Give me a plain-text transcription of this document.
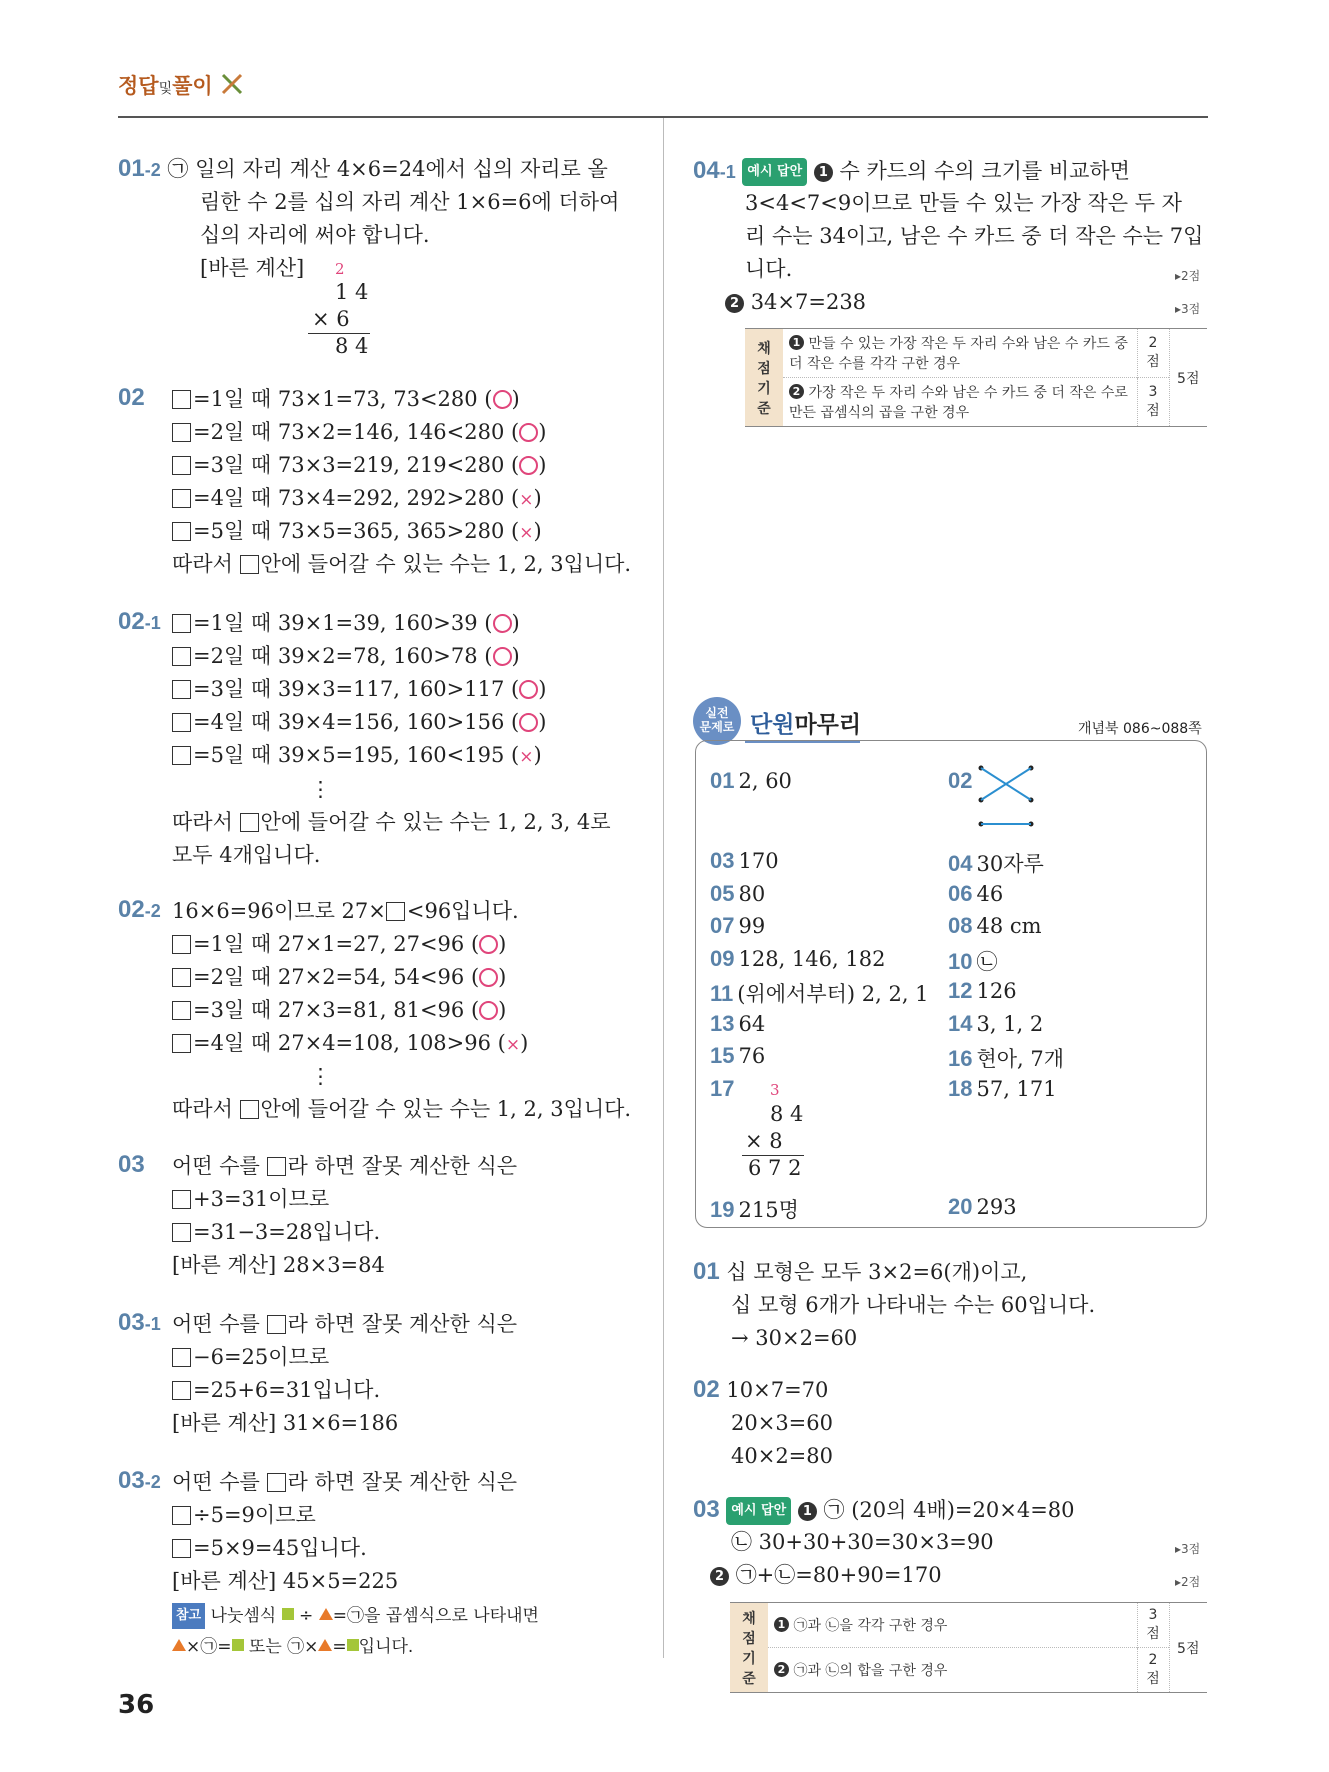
정답및풀이
01-2 ㉠ 일의 자리 계산 4×6=24에서 십의 자리로 올
림한 수 2를 십의 자리 계산 1×6=6에 더하여
십의 자리에 써야 합니다.
[바른 계산] 2
1 4
× 6
8 4
02
02-1
02-2 16×6=96이므로 27× <96입니다.
03 어떤 수를 라 하면 잘못 계산한 식은
+3=31이므로
=31−3=28입니다.
[바른 계산] 28×3=84
03-1 어떤 수를 라 하면 잘못 계산한 식은
−6=25이므로
=25+6=31입니다.
[바른 계산] 31×6=186
03-2 어떤 수를 라 하면 잘못 계산한 식은
÷5=9이므로
=5×9=45입니다.
[바른 계산] 45×5=225
참고 나눗셈식 ÷ =㉠을 곱셈식으로 나타내면
×㉠= 또는 ㉠× = 입니다.
36
04-1 예시 답안 1 수 카드의 수의 크기를 비교하면
3<4<7<9이므로 만들 수 있는 가장 작은 두 자
리 수는 34이고, 남은 수 카드 중 더 작은 수는 7입
니다.	▸2점
2 34×7=238	▸3점
채점 기준	1 만들 수 있는 가장 작은 두 자리 수와 남은 수 카드 중 더 작은 수를 각각 구한 경우	2점	5점
	2 가장 작은 두 자리 수와 남은 수 카드 중 더 작은 수로 만든 곱셈식의 곱을 구한 경우	3점	
실전
문제로 단원마무리	개념북 086~088쪽
3
8 4
× 8
6 7 2
01 십 모형은 모두 3×2=6(개)이고,
십 모형 6개가 나타내는 수는 60입니다.
→ 30×2=60
02 10×7=70
20×3=60
40×2=80
03 예시 답안 1 ㉠ (20의 4배)=20×4=80
㉡ 30+30+30=30×3=90	▸3점
2 ㉠+㉡=80+90=170	▸2점
채점 기준	1 ㉠과 ㉡을 각각 구한 경우	3점	5점
	2 ㉠과 ㉡의 합을 구한 경우	2점	
=1일 때 73×1=73, 73<280 (○)
=2일 때 73×2=146, 146<280 (○)
=3일 때 73×3=219, 219<280 (○)
=4일 때 73×4=292, 292>280 (×)
=5일 때 73×5=365, 365>280 (×)
=1일 때 39×1=39, 160>39 (○)
=2일 때 39×2=78, 160>78 (○)
=3일 때 39×3=117, 160>117 (○)
=4일 때 39×4=156, 160>156 (○)
=5일 때 39×5=195, 160<195 (×)
=1일 때 27×1=27, 27<96 (○)
=2일 때 27×2=54, 54<96 (○)
=3일 때 27×3=81, 81<96 (○)
=4일 때 27×4=108, 108>96 (×)
따라서 안에 들어갈 수 있는 수는 1, 2, 3입니다.
따라서 안에 들어갈 수 있는 수는 1, 2, 3, 4로
따라서 안에 들어갈 수 있는 수는 1, 2, 3입니다.
모두 4개입니다.
⋮
⋮
01 2, 60	02
03 170	04 30자루
05 80	06 46
07 99	08 48 cm
09 128, 146, 182	10 ㉡
11 (위에서부터) 2, 2, 1 12 126
13 64	14 3, 1, 2
15 76	16 현아, 7개
17	18 57, 171
19 215명	20 293
